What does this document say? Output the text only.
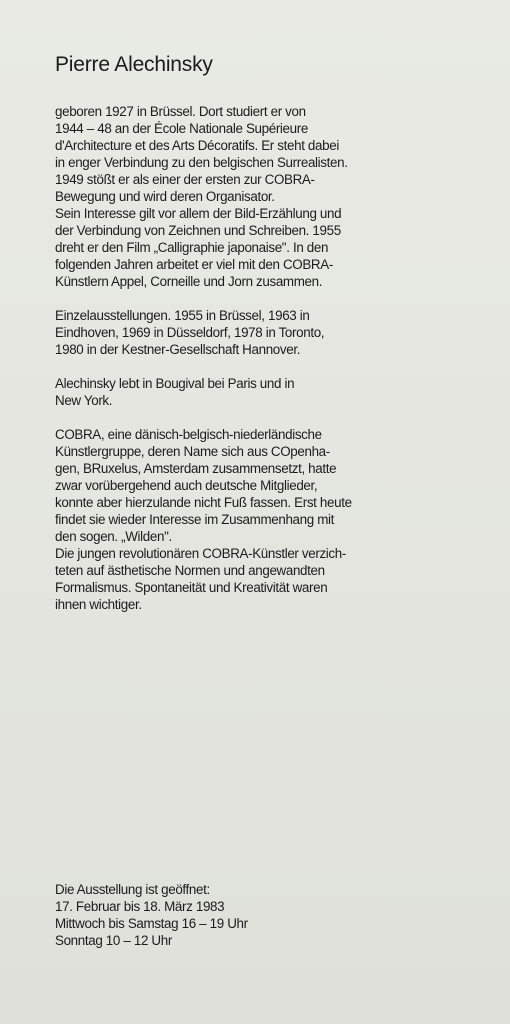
Pierre Alechinsky

geboren 1927 in Brüssel. Dort studiert er von
1944 – 48 an der École Nationale Supérieure
d'Architecture et des Arts Décoratifs. Er steht dabei
in enger Verbindung zu den belgischen Surrealisten.
1949 stößt er als einer der ersten zur COBRA-
Bewegung und wird deren Organisator.
Sein Interesse gilt vor allem der Bild-Erzählung und
der Verbindung von Zeichnen und Schreiben. 1955
dreht er den Film „Calligraphie japonaise". In den
folgenden Jahren arbeitet er viel mit den COBRA-
Künstlern Appel, Corneille und Jorn zusammen.

Einzelausstellungen. 1955 in Brüssel, 1963 in
Eindhoven, 1969 in Düsseldorf, 1978 in Toronto,
1980 in der Kestner-Gesellschaft Hannover.

Alechinsky lebt in Bougival bei Paris und in
New York.

COBRA, eine dänisch-belgisch-niederländische
Künstlergruppe, deren Name sich aus COpenha-
gen, BRuxelus, Amsterdam zusammensetzt, hatte
zwar vorübergehend auch deutsche Mitglieder,
konnte aber hierzulande nicht Fuß fassen. Erst heute
findet sie wieder Interesse im Zusammenhang mit
den sogen. „Wilden".
Die jungen revolutionären COBRA-Künstler verzich-
teten auf ästhetische Normen und angewandten
Formalismus. Spontaneität und Kreativität waren
ihnen wichtiger.

Die Ausstellung ist geöffnet:
17. Februar bis 18. März 1983
Mittwoch bis Samstag 16 – 19 Uhr
Sonntag 10 – 12 Uhr
